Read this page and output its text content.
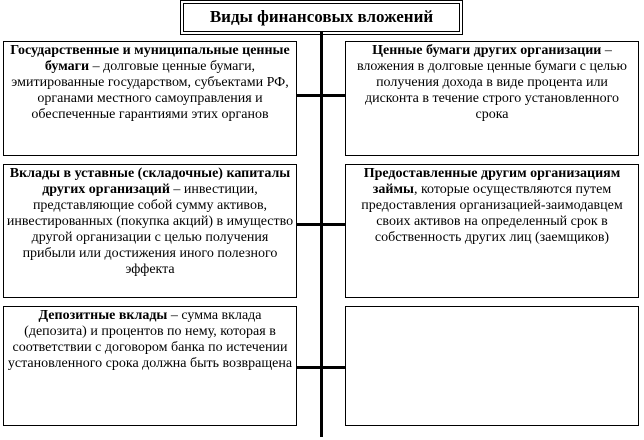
Виды финансовых вложений
Государственные и муниципальные ценные бумаги – долговые ценные бумаги, эмитированные государством, субъектами РФ, органами местного самоуправления и обеспеченные гарантиями этих органов
Ценные бумаги других организации – вложения в долговые ценные бумаги с целью получения дохода в виде процента или дисконта в течение строго установленного срока
Вклады в уставные (складочные) капиталы других организаций – инвестиции, представляющие собой сумму активов, инвестированных (покупка акций) в имущество другой организации с целью получения прибыли или достижения иного полезного эффекта
Предоставленные другим организациям займы, которые осуществляются путем предоставления организацией-заимодавцем своих активов на определенный срок в собственность других лиц (заемщиков)
Депозитные вклады – сумма вклада (депозита) и процентов по нему, которая в соответствии с договором банка по истечении установленного срока должна быть возвращена
